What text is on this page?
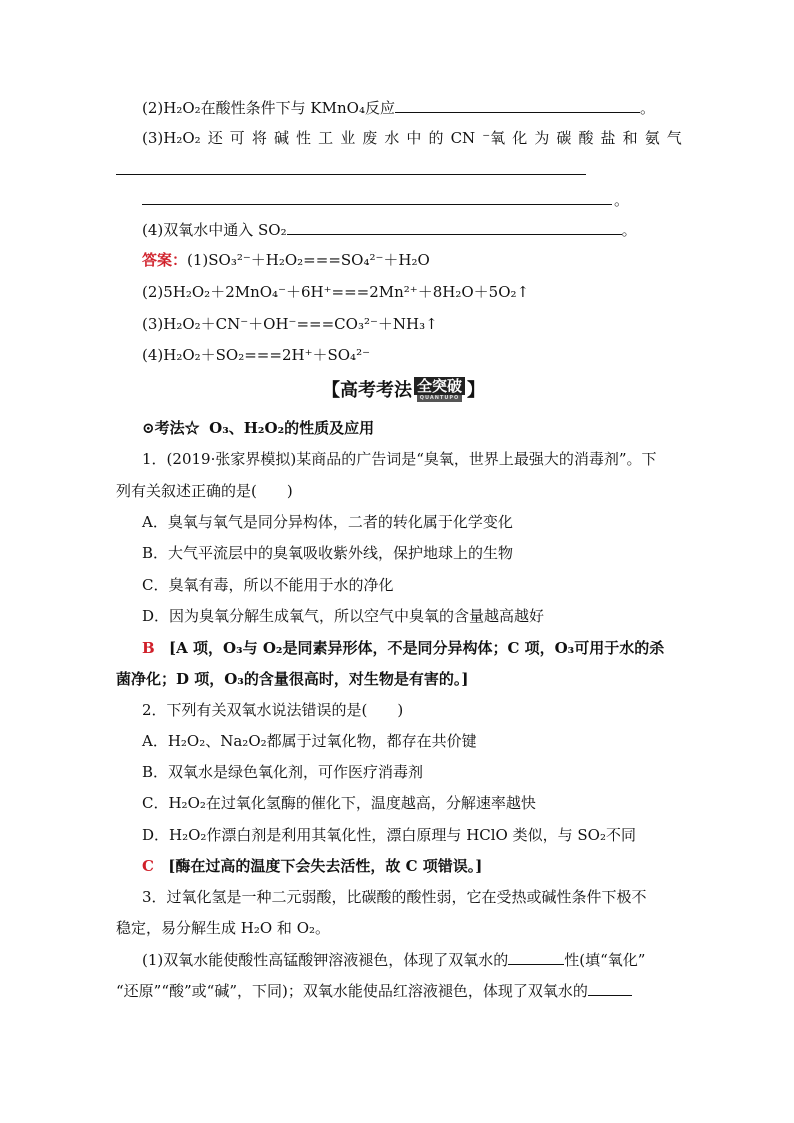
(2)H₂O₂在酸性条件下与 KMnO₄反应	。
(3)H₂O₂ 还 可 将 碱 性 工 业 废 水 中 的 CN ⁻氧 化 为 碳 酸 盐 和 氨 气
。
(4)双氧水中通入 SO₂	。
答案：(1)SO₃²⁻＋H₂O₂===SO₄²⁻＋H₂O
(2)5H₂O₂＋2MnO₄⁻＋6H⁺===2Mn²⁺＋8H₂O＋5O₂↑
(3)H₂O₂＋CN⁻＋OH⁻===CO₃²⁻＋NH₃↑
(4)H₂O₂＋SO₂===2H⁺＋SO₄²⁻
【高考考法 全突破
QUANTUPO 】
⊙考法☆ O₃、H₂O₂的性质及应用
1．(2019·张家界模拟)某商品的广告词是“臭氧，世界上最强大的消毒剂”。下
列有关叙述正确的是(　　)
A．臭氧与氧气是同分异构体，二者的转化属于化学变化
B．大气平流层中的臭氧吸收紫外线，保护地球上的生物
C．臭氧有毒，所以不能用于水的净化
D．因为臭氧分解生成氧气，所以空气中臭氧的含量越高越好
B [A 项，O₃与 O₂是同素异形体，不是同分异构体；C 项，O₃可用于水的杀
菌净化；D 项，O₃的含量很高时，对生物是有害的。]
2．下列有关双氧水说法错误的是(　　)
A．H₂O₂、Na₂O₂都属于过氧化物，都存在共价键
B．双氧水是绿色氧化剂，可作医疗消毒剂
C．H₂O₂在过氧化氢酶的催化下，温度越高，分解速率越快
D．H₂O₂作漂白剂是利用其氧化性，漂白原理与 HClO 类似，与 SO₂不同
C [酶在过高的温度下会失去活性，故 C 项错误。]
3．过氧化氢是一种二元弱酸，比碳酸的酸性弱，它在受热或碱性条件下极不
稳定，易分解生成 H₂O 和 O₂。
(1)双氧水能使酸性高锰酸钾溶液褪色，体现了双氧水的	性(填“氧化”
“还原”“酸”或“碱”，下同)；双氧水能使品红溶液褪色，体现了双氧水的
